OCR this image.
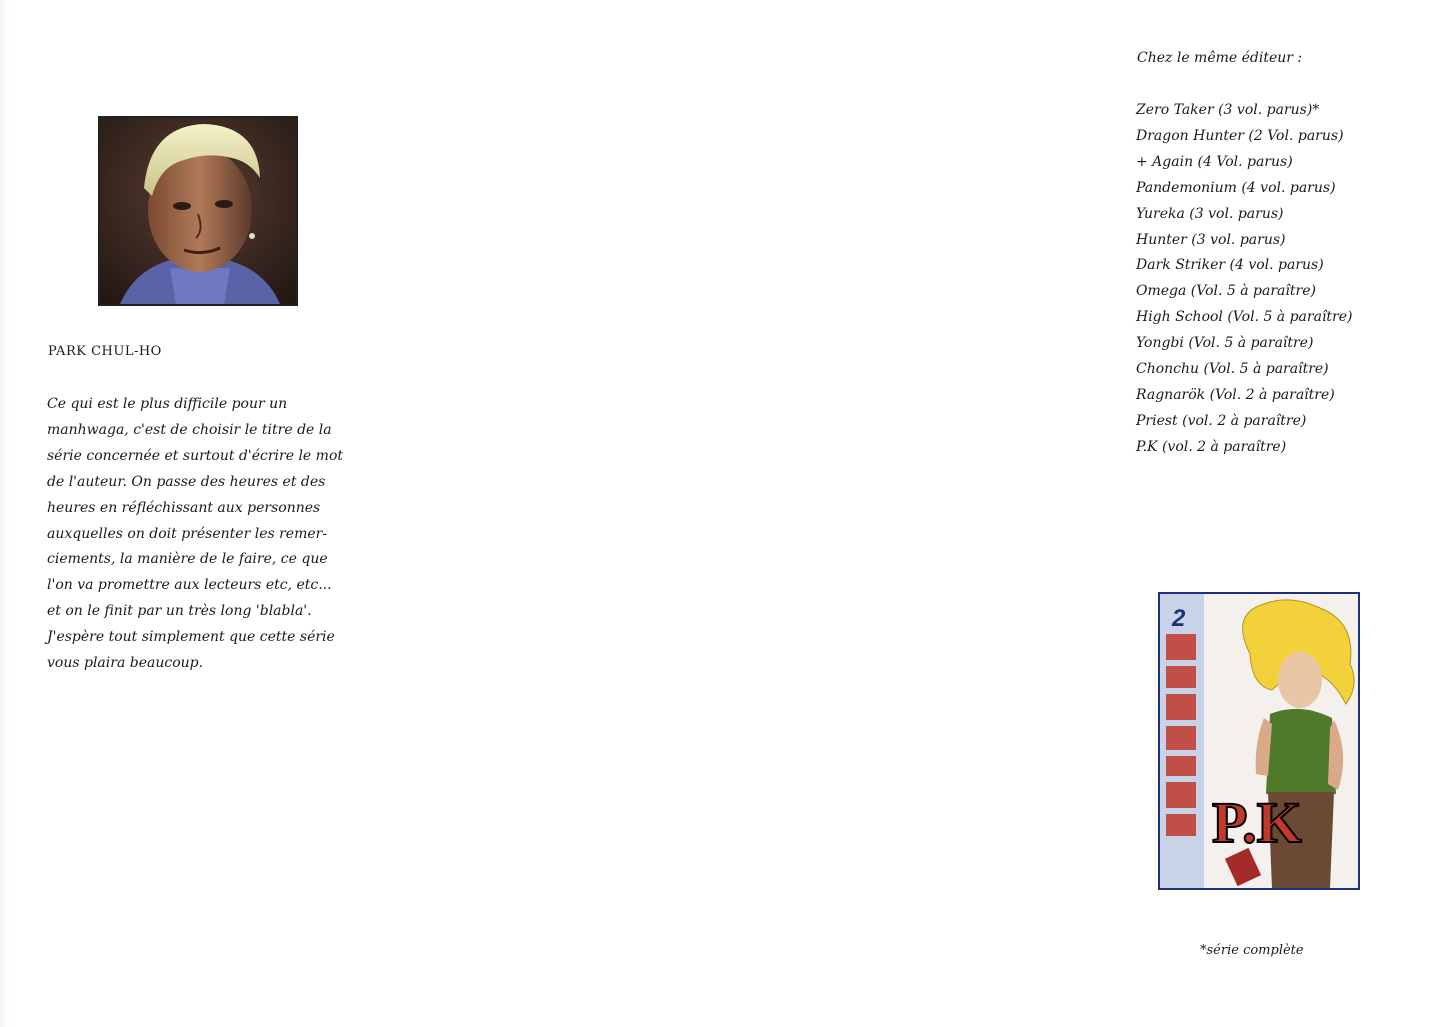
PARK CHUL-HO
Ce qui est le plus difficile pour un
manhwaga, c'est de choisir le titre de la
série concernée et surtout d'écrire le mot
de l'auteur. On passe des heures et des
heures en réfléchissant aux personnes
auxquelles on doit présenter les remer-
ciements, la manière de le faire, ce que
l'on va promettre aux lecteurs etc, etc...
et on le finit par un très long 'blabla'.
J'espère tout simplement que cette série
vous plaira beaucoup.
Chez le même éditeur :
Zero Taker (3 vol. parus)*
Dragon Hunter (2 Vol. parus)
+ Again (4 Vol. parus)
Pandemonium (4 vol. parus)
Yureka (3 vol. parus)
Hunter (3 vol. parus)
Dark Striker (4 vol. parus)
Omega (Vol. 5 à paraître)
High School (Vol. 5 à paraître)
Yongbi (Vol. 5 à paraître)
Chonchu (Vol. 5 à paraître)
Ragnarök (Vol. 2 à paraître)
Priest (vol. 2 à paraître)
P.K (vol. 2 à paraître)
2
P.K
*série complète
